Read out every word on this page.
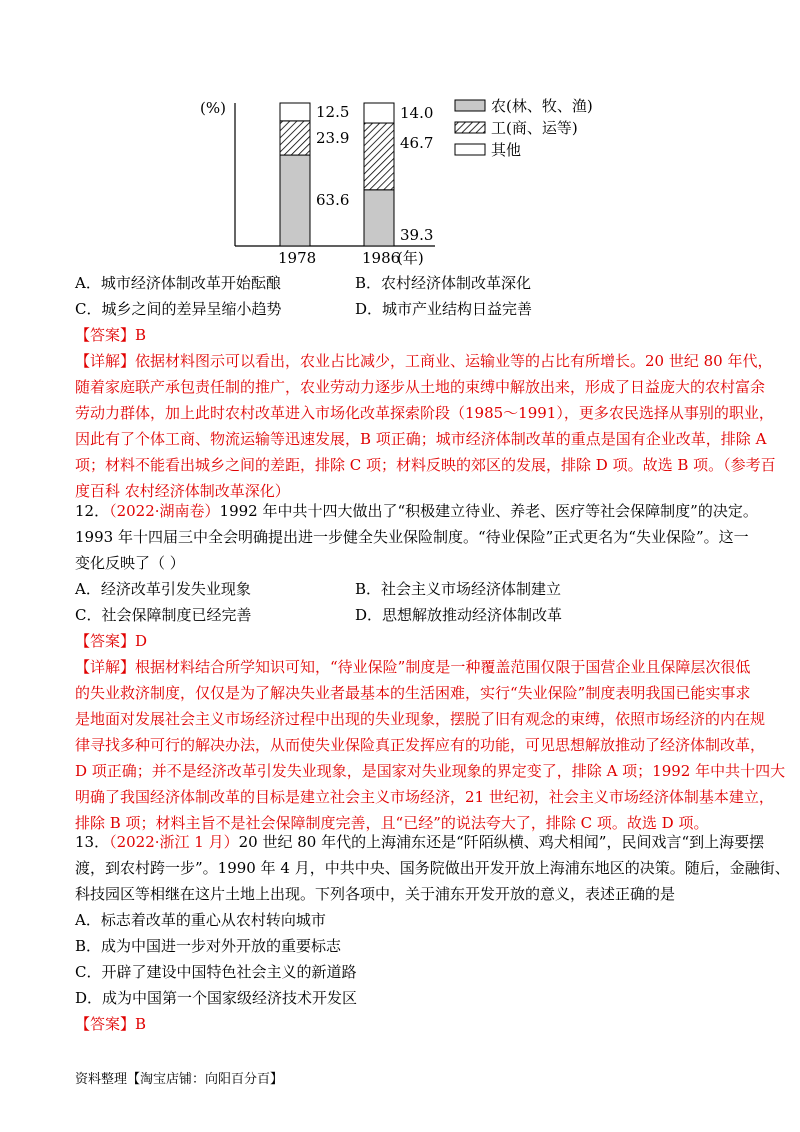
(%)
63.6
23.9
12.5
1978
39.3
46.7
14.0
1986
(年)
农(林、牧、渔)
工(商、运等)
其他
A．城市经济体制改革开始酝酿	B．农村经济体制改革深化
C．城乡之间的差异呈缩小趋势	D．城市产业结构日益完善
【答案】B
【详解】依据材料图示可以看出，农业占比减少，工商业、运输业等的占比有所增长。20 世纪 80 年代，
随着家庭联产承包责任制的推广，农业劳动力逐步从土地的束缚中解放出来，形成了日益庞大的农村富余
劳动力群体，加上此时农村改革进入市场化改革探索阶段（1985～1991），更多农民选择从事别的职业，
因此有了个体工商、物流运输等迅速发展，B 项正确；城市经济体制改革的重点是国有企业改革，排除 A
项；材料不能看出城乡之间的差距，排除 C 项；材料反映的郊区的发展，排除 D 项。故选 B 项。（参考百
度百科 农村经济体制改革深化）
12．（2022·湖南卷）1992 年中共十四大做出了“积极建立待业、养老、医疗等社会保障制度”的决定。
1993 年十四届三中全会明确提出进一步健全失业保险制度。“待业保险”正式更名为“失业保险”。这一
变化反映了（ ）
A．经济改革引发失业现象	B．社会主义市场经济体制建立
C．社会保障制度已经完善	D．思想解放推动经济体制改革
【答案】D
【详解】根据材料结合所学知识可知，“待业保险”制度是一种覆盖范围仅限于国营企业且保障层次很低
的失业救济制度，仅仅是为了解决失业者最基本的生活困难，实行“失业保险”制度表明我国已能实事求
是地面对发展社会主义市场经济过程中出现的失业现象，摆脱了旧有观念的束缚，依照市场经济的内在规
律寻找多种可行的解决办法，从而使失业保险真正发挥应有的功能，可见思想解放推动了经济体制改革，
D 项正确；并不是经济改革引发失业现象，是国家对失业现象的界定变了，排除 A 项；1992 年中共十四大
明确了我国经济体制改革的目标是建立社会主义市场经济，21 世纪初，社会主义市场经济体制基本建立，
排除 B 项；材料主旨不是社会保障制度完善，且“已经”的说法夸大了，排除 C 项。故选 D 项。
13．（2022·浙江 1 月）20 世纪 80 年代的上海浦东还是“阡陌纵横、鸡犬相闻”，民间戏言“到上海要摆
渡，到农村跨一步”。1990 年 4 月，中共中央、国务院做出开发开放上海浦东地区的决策。随后，金融街、
科技园区等相继在这片土地上出现。下列各项中，关于浦东开发开放的意义，表述正确的是
A．标志着改革的重心从农村转向城市
B．成为中国进一步对外开放的重要标志
C．开辟了建设中国特色社会主义的新道路
D．成为中国第一个国家级经济技术开发区
【答案】B
资料整理【淘宝店铺：向阳百分百】
